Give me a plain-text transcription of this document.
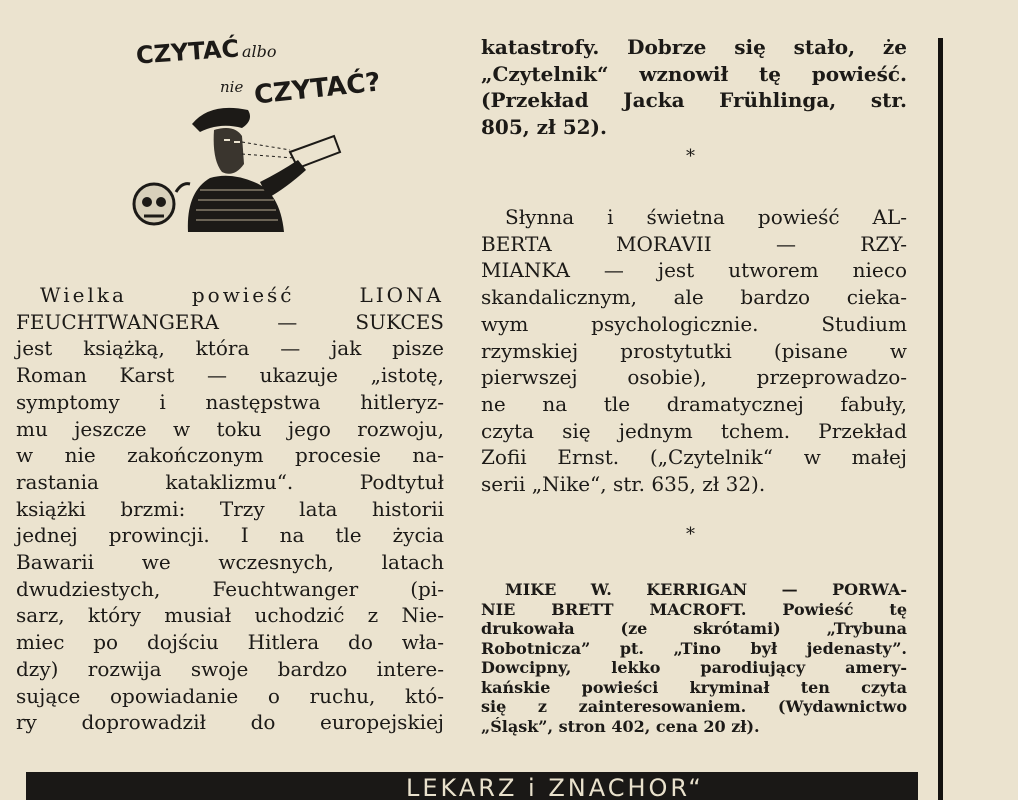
CZYTAĆ albo
nie CZYTAĆ?
Wielka powieść LIONA
FEUCHTWANGERA — SUKCES
jest książką, która — jak pisze
Roman Karst — ukazuje „istotę,
symptomy i następstwa hitleryz-
mu jeszcze w toku jego rozwoju,
w nie zakończonym procesie na-
rastania kataklizmu“. Podtytuł
książki brzmi: Trzy lata historii
jednej prowincji. I na tle życia
Bawarii we wczesnych, latach
dwudziestych, Feuchtwanger (pi-
sarz, który musiał uchodzić z Nie-
miec po dojściu Hitlera do wła-
dzy) rozwija swoje bardzo intere-
sujące opowiadanie o ruchu, któ-
ry doprowadził do europejskiej
katastrofy. Dobrze się stało, że
„Czytelnik“ wznowił tę powieść.
(Przekład Jacka Frühlinga, str.
805, zł 52).
*
Słynna i świetna powieść AL-
BERTA MORAVII — RZY-
MIANKA — jest utworem nieco
skandalicznym, ale bardzo cieka-
wym psychologicznie. Studium
rzymskiej prostytutki (pisane w
pierwszej osobie), przeprowadzo-
ne na tle dramatycznej fabuły,
czyta się jednym tchem. Przekład
Zofii Ernst. („Czytelnik“ w małej
serii „Nike“, str. 635, zł 32).
*
MIKE W. KERRIGAN — PORWA-
NIE BRETT MACROFT. Powieść tę
drukowała (ze skrótami) „Trybuna
Robotnicza” pt. „Tino był jedenasty”.
Dowcipny, lekko parodiujący amery-
kańskie powieści kryminał ten czyta
się z zainteresowaniem. (Wydawnictwo
„Śląsk”, stron 402, cena 20 zł).
LEKARZ i ZNACHOR“
